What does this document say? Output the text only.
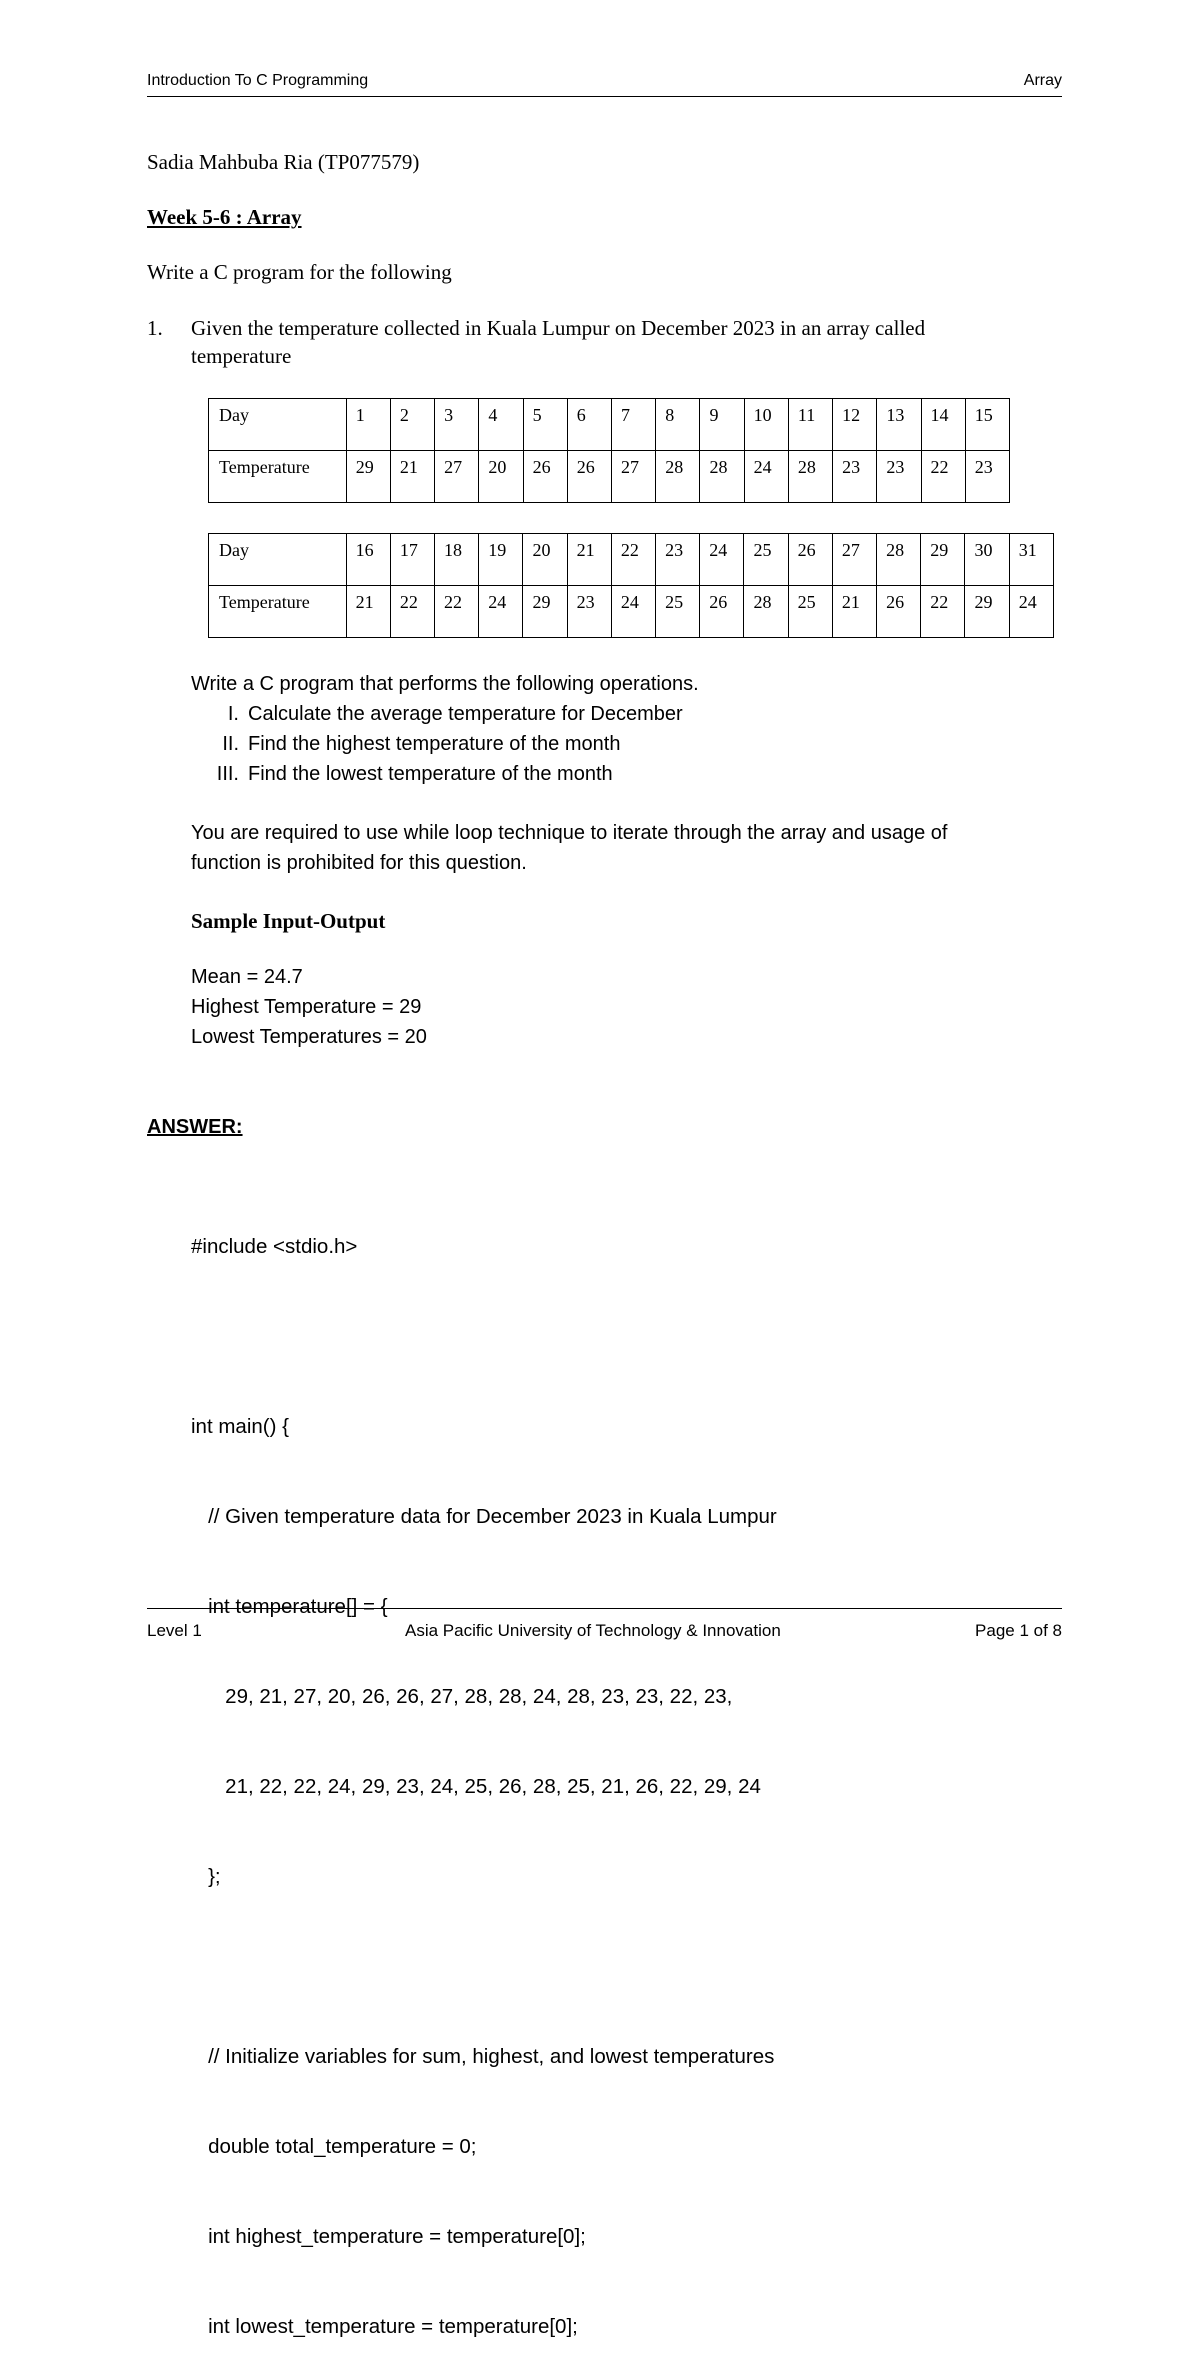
Introduction To C Programming	Array
Sadia Mahbuba Ria (TP077579)
Week 5-6 : Array
Write a C program for the following
1. Given the temperature collected in Kuala Lumpur on December 2023 in an array called
temperature
Day	1	2	3	4	5	6	7	8	9	10	11	12	13	14	15
Temperature	29	21	27	20	26	26	27	28	28	24	28	23	23	22	23
Day	16	17	18	19	20	21	22	23	24	25	26	27	28	29	30	31
Temperature	21	22	22	24	29	23	24	25	26	28	25	21	26	22	29	24
Write a C program that performs the following operations.
I. Calculate the average temperature for December
II. Find the highest temperature of the month
III. Find the lowest temperature of the month
You are required to use while loop technique to iterate through the array and usage of
function is prohibited for this question.
Sample Input-Output
Mean = 24.7
Highest Temperature = 29
Lowest Temperatures = 20
ANSWER:

#include <stdio.h>

int main() {

// Given temperature data for December 2023 in Kuala Lumpur

int temperature[] = {

29, 21, 27, 20, 26, 26, 27, 28, 28, 24, 28, 23, 23, 22, 23,

21, 22, 22, 24, 29, 23, 24, 25, 26, 28, 25, 21, 26, 22, 29, 24

};

// Initialize variables for sum, highest, and lowest temperatures

double total_temperature = 0;

int highest_temperature = temperature[0];

int lowest_temperature = temperature[0];

Level 1	Asia Pacific University of Technology & Innovation	Page 1 of 8
